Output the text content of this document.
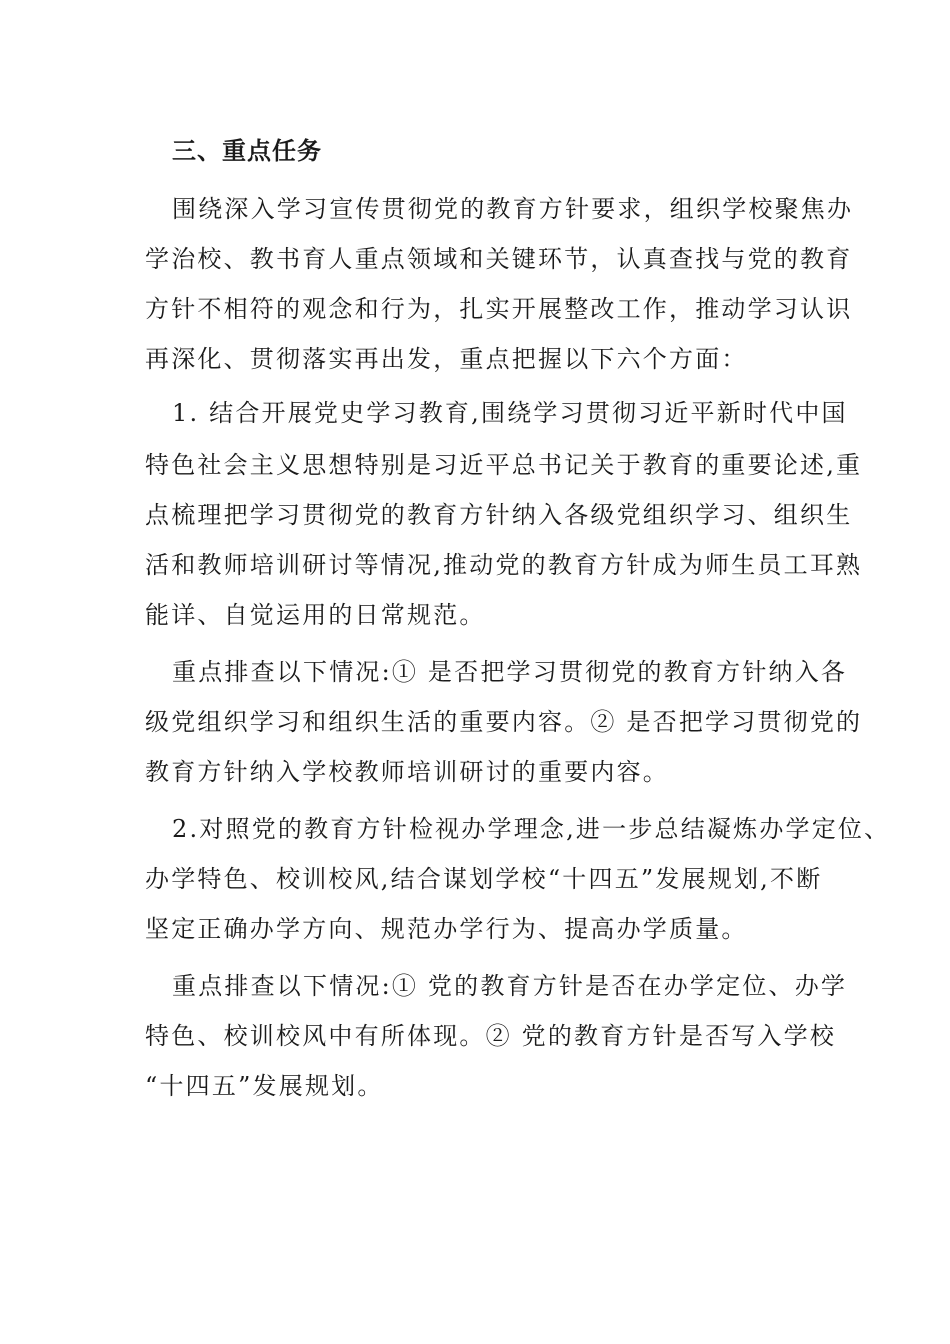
三、重点任务
围绕深入学习宣传贯彻党的教育方针要求，组织学校聚焦办
学治校、教书育人重点领域和关键环节，认真查找与党的教育
方针不相符的观念和行为，扎实开展整改工作，推动学习认识
再深化、贯彻落实再出发，重点把握以下六个方面：
1. 结合开展党史学习教育,围绕学习贯彻习近平新时代中国
特色社会主义思想特别是习近平总书记关于教育的重要论述,重
点梳理把学习贯彻党的教育方针纳入各级党组织学习、组织生
活和教师培训研讨等情况,推动党的教育方针成为师生员工耳熟
能详、自觉运用的日常规范。
重点排查以下情况:① 是否把学习贯彻党的教育方针纳入各
级党组织学习和组织生活的重要内容。② 是否把学习贯彻党的
教育方针纳入学校教师培训研讨的重要内容。
2.对照党的教育方针检视办学理念,进一步总结凝炼办学定位、
办学特色、校训校风,结合谋划学校“十四五”发展规划,不断
坚定正确办学方向、规范办学行为、提高办学质量。
重点排查以下情况:① 党的教育方针是否在办学定位、办学
特色、校训校风中有所体现。② 党的教育方针是否写入学校
“十四五”发展规划。
